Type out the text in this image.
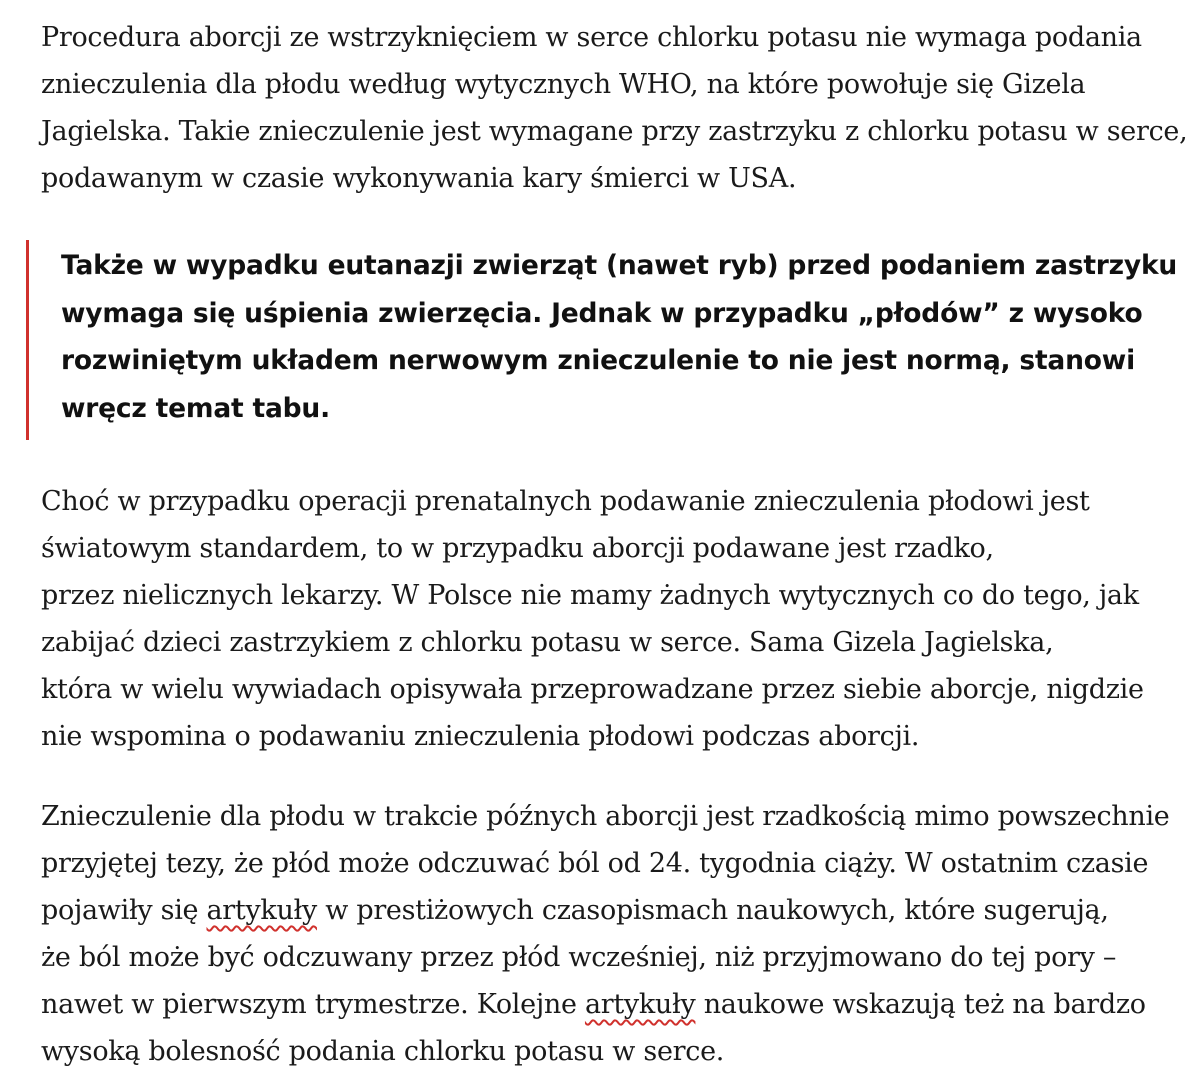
Procedura aborcji ze wstrzyknięciem w serce chlorku potasu nie wymaga podania
znieczulenia dla płodu według wytycznych WHO, na które powołuje się Gizela
Jagielska. Takie znieczulenie jest wymagane przy zastrzyku z chlorku potasu w serce,
podawanym w czasie wykonywania kary śmierci w USA.

Także w wypadku eutanazji zwierząt (nawet ryb) przed podaniem zastrzyku
wymaga się uśpienia zwierzęcia. Jednak w przypadku „płodów” z wysoko
rozwiniętym układem nerwowym znieczulenie to nie jest normą, stanowi
wręcz temat tabu.

Choć w przypadku operacji prenatalnych podawanie znieczulenia płodowi jest
światowym standardem, to w przypadku aborcji podawane jest rzadko,
przez nielicznych lekarzy. W Polsce nie mamy żadnych wytycznych co do tego, jak
zabijać dzieci zastrzykiem z chlorku potasu w serce. Sama Gizela Jagielska,
która w wielu wywiadach opisywała przeprowadzane przez siebie aborcje, nigdzie
nie wspomina o podawaniu znieczulenia płodowi podczas aborcji.

Znieczulenie dla płodu w trakcie późnych aborcji jest rzadkością mimo powszechnie
przyjętej tezy, że płód może odczuwać ból od 24. tygodnia ciąży. W ostatnim czasie
pojawiły się artykuły w prestiżowych czasopismach naukowych, które sugerują,
że ból może być odczuwany przez płód wcześniej, niż przyjmowano do tej pory –
nawet w pierwszym trymestrze. Kolejne artykuły naukowe wskazują też na bardzo
wysoką bolesność podania chlorku potasu w serce.
